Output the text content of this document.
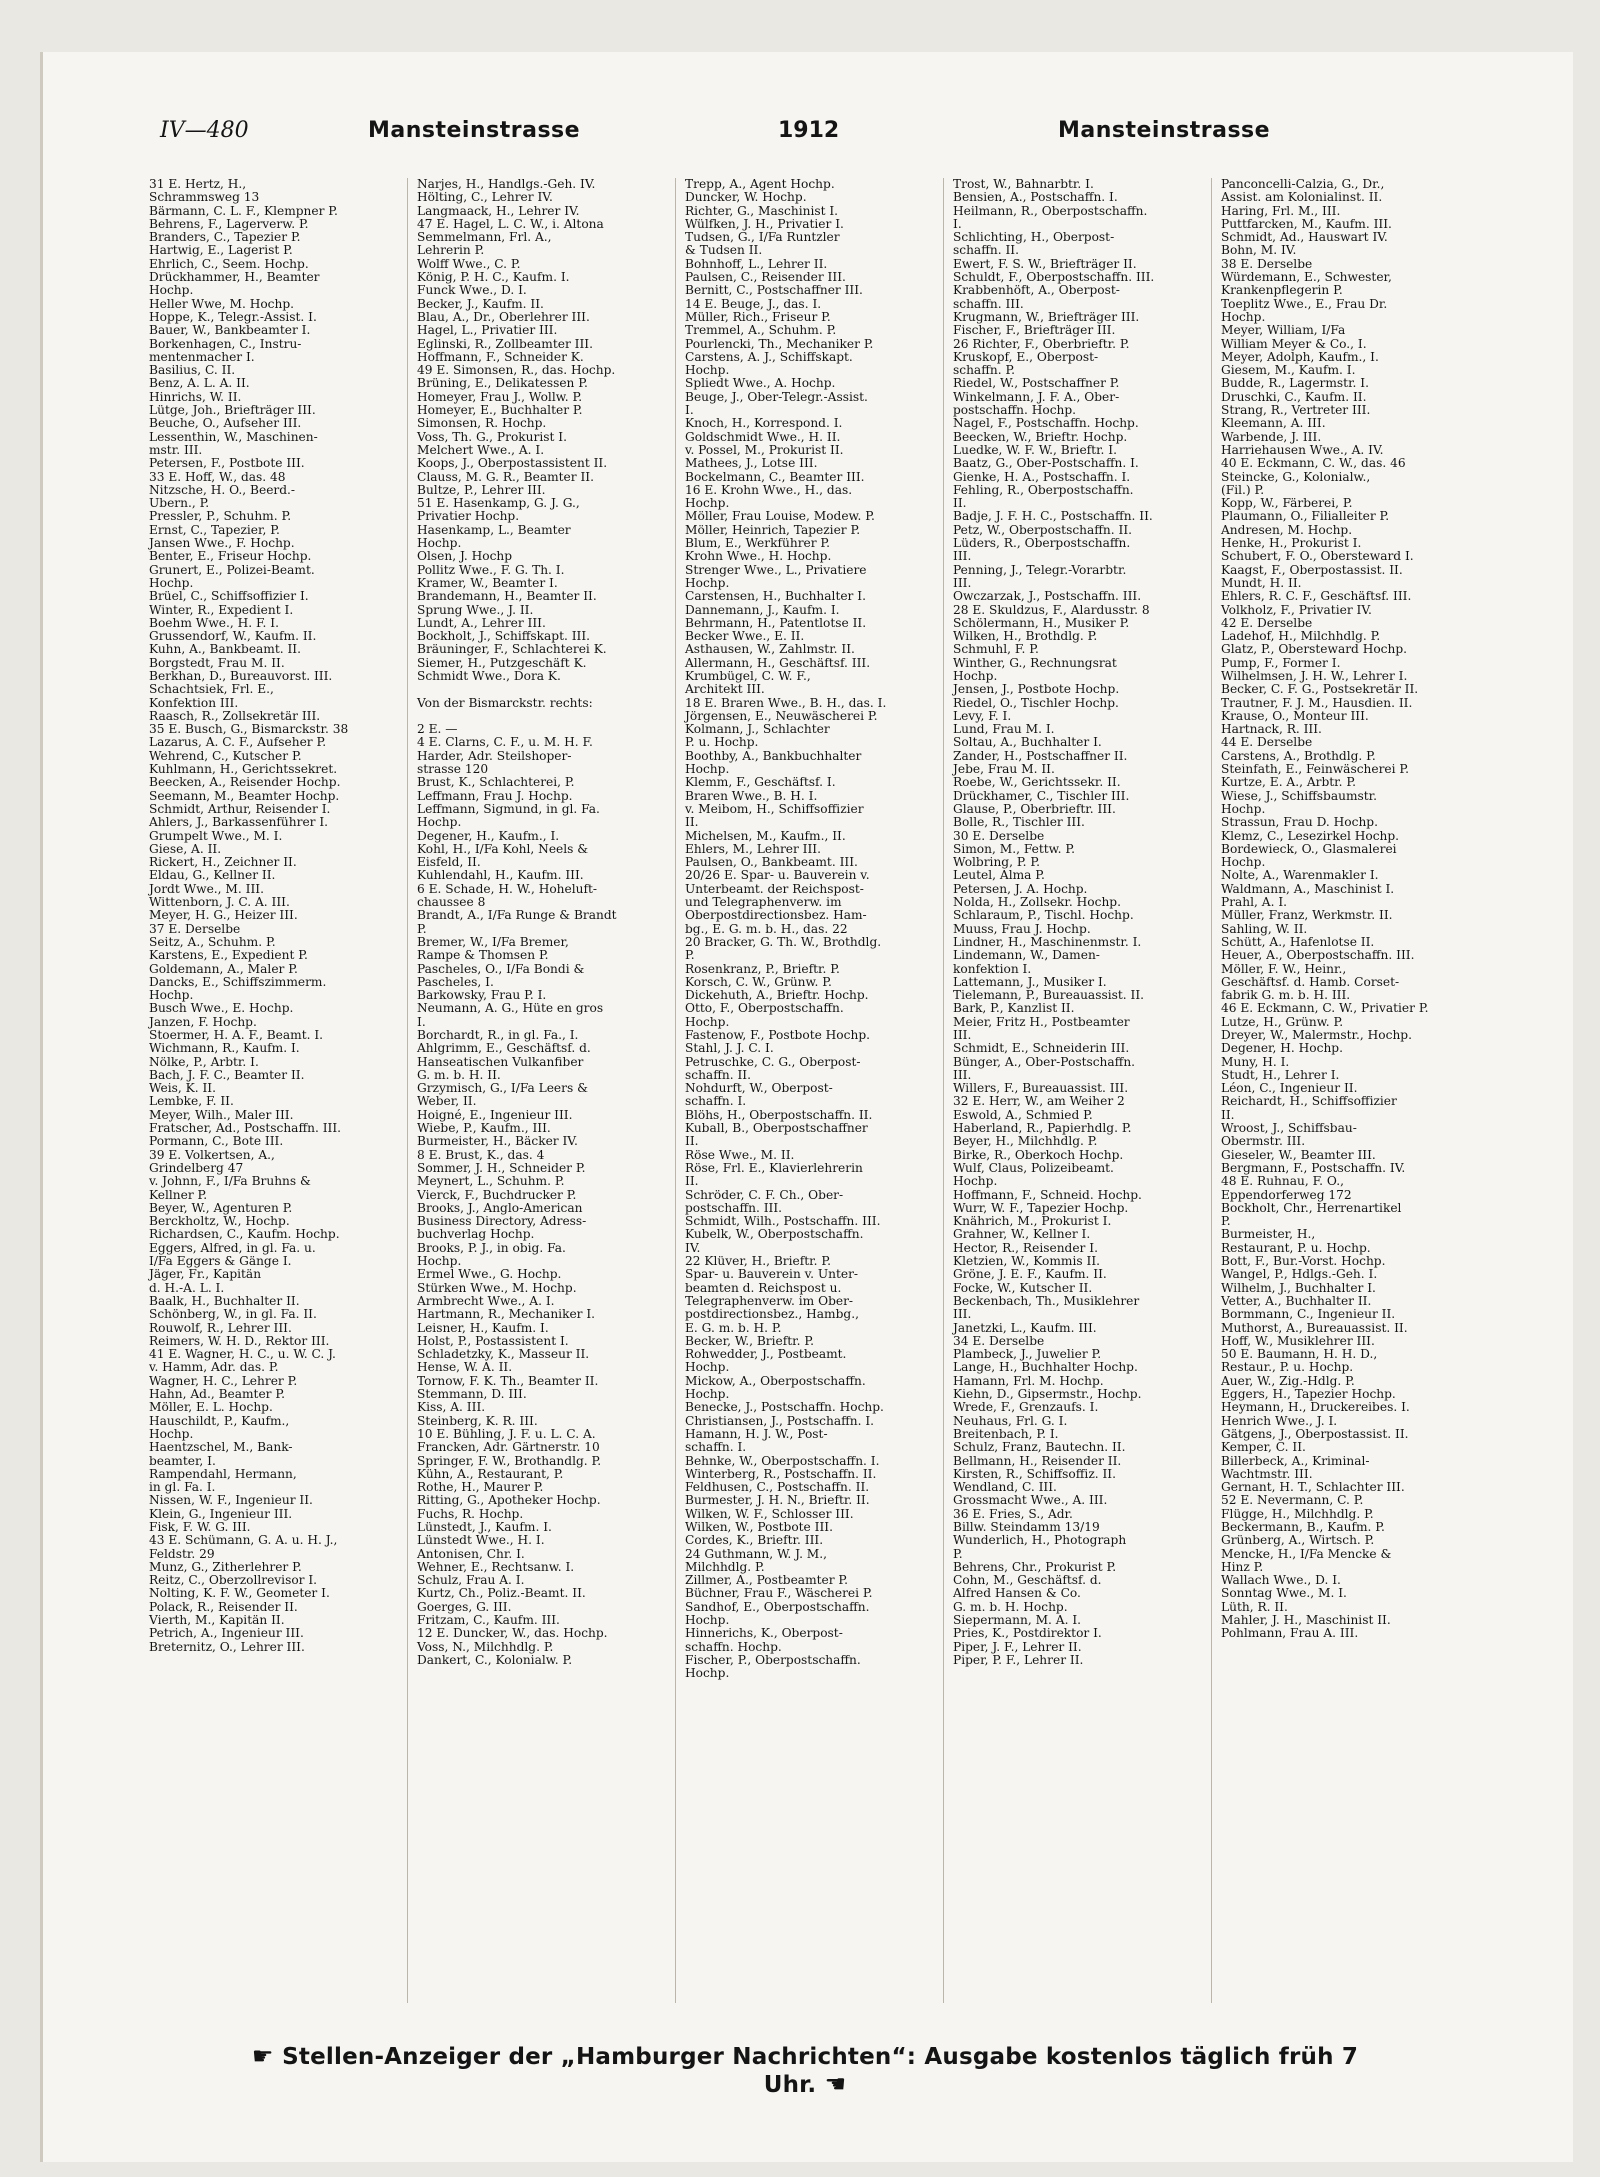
IV—480	Mansteinstrasse	1912	Mansteinstrasse
31 E. Hertz, H.,
Schrammsweg 13
Bärmann, C. L. F., Klempner P.
Behrens, F., Lagerverw. P.
Branders, C., Tapezier P.
Hartwig, E., Lagerist P.
Ehrlich, C., Seem. Hochp.
Drückhammer, H., Beamter
Hochp.
Heller Wwe, M. Hochp.
Hoppe, K., Telegr.-Assist. I.
Bauer, W., Bankbeamter I.
Borkenhagen, C., Instru-
mentenmacher I.
Basilius, C. II.
Benz, A. L. A. II.
Hinrichs, W. II.
Lütge, Joh., Briefträger III.
Beuche, O., Aufseher III.
Lessenthin, W., Maschinen-
mstr. III.
Petersen, F., Postbote III.
33 E. Hoff, W., das. 48
Nitzsche, H. O., Beerd.-
Ubern., P.
Pressler, P., Schuhm. P.
Ernst, C., Tapezier, P.
Jansen Wwe., F. Hochp.
Benter, E., Friseur Hochp.
Grunert, E., Polizei-Beamt.
Hochp.
Brüel, C., Schiffsoffizier I.
Winter, R., Expedient I.
Boehm Wwe., H. F. I.
Grussendorf, W., Kaufm. II.
Kuhn, A., Bankbeamt. II.
Borgstedt, Frau M. II.
Berkhan, D., Bureauvorst. III.
Schachtsiek, Frl. E.,
Konfektion III.
Raasch, R., Zollsekretär III.
35 E. Busch, G., Bismarckstr. 38
Lazarus, A. C. F., Aufseher P.
Wehrend, C., Kutscher P.
Kuhlmann, H., Gerichtssekret.
Beecken, A., Reisender Hochp.
Seemann, M., Beamter Hochp.
Schmidt, Arthur, Reisender I.
Ahlers, J., Barkassenführer I.
Grumpelt Wwe., M. I.
Giese, A. II.
Rickert, H., Zeichner II.
Eldau, G., Kellner II.
Jordt Wwe., M. III.
Wittenborn, J. C. A. III.
Meyer, H. G., Heizer III.
37 E. Derselbe
Seitz, A., Schuhm. P.
Karstens, E., Expedient P.
Goldemann, A., Maler P.
Dancks, E., Schiffszimmerm.
Hochp.
Busch Wwe., E. Hochp.
Janzen, F. Hochp.
Stoermer, H. A. F., Beamt. I.
Wichmann, R., Kaufm. I.
Nölke, P., Arbtr. I.
Bach, J. F. C., Beamter II.
Weis, K. II.
Lembke, F. II.
Meyer, Wilh., Maler III.
Fratscher, Ad., Postschaffn. III.
Pormann, C., Bote III.
39 E. Volkertsen, A.,
Grindelberg 47
v. Johnn, F., I/Fa Bruhns &
Kellner P.
Beyer, W., Agenturen P.
Berckholtz, W., Hochp.
Richardsen, C., Kaufm. Hochp.
Eggers, Alfred, in gl. Fa. u.
I/Fa Eggers & Gänge I.
Jäger, Fr., Kapitän
d. H.-A. L. I.
Baalk, H., Buchhalter II.
Schönberg, W., in gl. Fa. II.
Rouwolf, R., Lehrer III.
Reimers, W. H. D., Rektor III.
41 E. Wagner, H. C., u. W. C. J.
v. Hamm, Adr. das. P.
Wagner, H. C., Lehrer P.
Hahn, Ad., Beamter P.
Möller, E. L. Hochp.
Hauschildt, P., Kaufm.,
Hochp.
Haentzschel, M., Bank-
beamter, I.
Rampendahl, Hermann,
in gl. Fa. I.
Nissen, W. F., Ingenieur II.
Klein, G., Ingenieur III.
Fisk, F. W. G. III.
43 E. Schümann, G. A. u. H. J.,
Feldstr. 29
Munz, G., Zitherlehrer P.
Reitz, C., Oberzollrevisor I.
Nolting, K. F. W., Geometer I.
Polack, R., Reisender II.
Vierth, M., Kapitän II.
Petrich, A., Ingenieur III.
Breternitz, O., Lehrer III.
Narjes, H., Handlgs.-Geh. IV.
Hölting, C., Lehrer IV.
Langmaack, H., Lehrer IV.
47 E. Hagel, L. C. W., i. Altona
Semmelmann, Frl. A.,
Lehrerin P.
Wolff Wwe., C. P.
König, P. H. C., Kaufm. I.
Funck Wwe., D. I.
Becker, J., Kaufm. II.
Blau, A., Dr., Oberlehrer III.
Hagel, L., Privatier III.
Eglinski, R., Zollbeamter III.
Hoffmann, F., Schneider K.
49 E. Simonsen, R., das. Hochp.
Brüning, E., Delikatessen P.
Homeyer, Frau J., Wollw. P.
Homeyer, E., Buchhalter P.
Simonsen, R. Hochp.
Voss, Th. G., Prokurist I.
Melchert Wwe., A. I.
Koops, J., Oberpostassistent II.
Clauss, M. G. R., Beamter II.
Bultze, P., Lehrer III.
51 E. Hasenkamp, G. J. G.,
Privatier Hochp.
Hasenkamp, L., Beamter
Hochp.
Olsen, J. Hochp
Pollitz Wwe., F. G. Th. I.
Kramer, W., Beamter I.
Brandemann, H., Beamter II.
Sprung Wwe., J. II.
Lundt, A., Lehrer III.
Bockholt, J., Schiffskapt. III.
Bräuninger, F., Schlachterei K.
Siemer, H., Putzgeschäft K.
Schmidt Wwe., Dora K.

Von der Bismarckstr. rechts:

2 E. —
4 E. Clarns, C. F., u. M. H. F.
Harder, Adr. Steilshoper-
strasse 120
Brust, K., Schlachterei, P.
Leffmann, Frau J. Hochp.
Leffmann, Sigmund, in gl. Fa.
Hochp.
Degener, H., Kaufm., I.
Kohl, H., I/Fa Kohl, Neels &
Eisfeld, II.
Kuhlendahl, H., Kaufm. III.
6 E. Schade, H. W., Hoheluft-
chaussee 8
Brandt, A., I/Fa Runge & Brandt
P.
Bremer, W., I/Fa Bremer,
Rampe & Thomsen P.
Pascheles, O., I/Fa Bondi &
Pascheles, I.
Barkowsky, Frau P. I.
Neumann, A. G., Hüte en gros
I.
Borchardt, R., in gl. Fa., I.
Ahlgrimm, E., Geschäftsf. d.
Hanseatischen Vulkanfiber
G. m. b. H. II.
Grzymisch, G., I/Fa Leers &
Weber, II.
Hoigné, E., Ingenieur III.
Wiebe, P., Kaufm., III.
Burmeister, H., Bäcker IV.
8 E. Brust, K., das. 4
Sommer, J. H., Schneider P.
Meynert, L., Schuhm. P.
Vierck, F., Buchdrucker P.
Brooks, J., Anglo-American
Business Directory, Adress-
buchverlag Hochp.
Brooks, P. J., in obig. Fa.
Hochp.
Ermel Wwe., G. Hochp.
Stürken Wwe., M. Hochp.
Armbrecht Wwe., A. I.
Hartmann, R., Mechaniker I.
Leisner, H., Kaufm. I.
Holst, P., Postassistent I.
Schladetzky, K., Masseur II.
Hense, W. A. II.
Tornow, F. K. Th., Beamter II.
Stemmann, D. III.
Kiss, A. III.
Steinberg, K. R. III.
10 E. Bühling, J. F. u. L. C. A.
Francken, Adr. Gärtnerstr. 10
Springer, F. W., Brothandlg. P.
Kühn, A., Restaurant, P.
Rothe, H., Maurer P.
Ritting, G., Apotheker Hochp.
Fuchs, R. Hochp.
Lünstedt, J., Kaufm. I.
Lünstedt Wwe., H. I.
Antonisen, Chr. I.
Wehner, E., Rechtsanw. I.
Schulz, Frau A. I.
Kurtz, Ch., Poliz.-Beamt. II.
Goerges, G. III.
Fritzam, C., Kaufm. III.
12 E. Duncker, W., das. Hochp.
Voss, N., Milchhdlg. P.
Dankert, C., Kolonialw. P.
Trepp, A., Agent Hochp.
Duncker, W. Hochp.
Richter, G., Maschinist I.
Wülfken, J. H., Privatier I.
Tudsen, G., I/Fa Runtzler
& Tudsen II.
Bohnhoff, L., Lehrer II.
Paulsen, C., Reisender III.
Bernitt, C., Postschaffner III.
14 E. Beuge, J., das. I.
Müller, Rich., Friseur P.
Tremmel, A., Schuhm. P.
Pourlencki, Th., Mechaniker P.
Carstens, A. J., Schiffskapt.
Hochp.
Spliedt Wwe., A. Hochp.
Beuge, J., Ober-Telegr.-Assist.
I.
Knoch, H., Korrespond. I.
Goldschmidt Wwe., H. II.
v. Possel, M., Prokurist II.
Mathees, J., Lotse III.
Bockelmann, C., Beamter III.
16 E. Krohn Wwe., H., das.
Hochp.
Möller, Frau Louise, Modew. P.
Möller, Heinrich, Tapezier P.
Blum, E., Werkführer P.
Krohn Wwe., H. Hochp.
Strenger Wwe., L., Privatiere
Hochp.
Carstensen, H., Buchhalter I.
Dannemann, J., Kaufm. I.
Behrmann, H., Patentlotse II.
Becker Wwe., E. II.
Asthausen, W., Zahlmstr. II.
Allermann, H., Geschäftsf. III.
Krumbügel, C. W. F.,
Architekt III.
18 E. Braren Wwe., B. H., das. I.
Jörgensen, E., Neuwäscherei P.
Kolmann, J., Schlachter
P. u. Hochp.
Boothby, A., Bankbuchhalter
Hochp.
Klemm, F., Geschäftsf. I.
Braren Wwe., B. H. I.
v. Meibom, H., Schiffsoffizier
II.
Michelsen, M., Kaufm., II.
Ehlers, M., Lehrer III.
Paulsen, O., Bankbeamt. III.
20/26 E. Spar- u. Bauverein v.
Unterbeamt. der Reichspost-
und Telegraphenverw. im
Oberpostdirectionsbez. Ham-
bg., E. G. m. b. H., das. 22
20 Bracker, G. Th. W., Brothdlg.
P.
Rosenkranz, P., Brieftr. P.
Korsch, C. W., Grünw. P.
Dickehuth, A., Brieftr. Hochp.
Otto, F., Oberpostschaffn.
Hochp.
Fastenow, F., Postbote Hochp.
Stahl, J. J. C. I.
Petruschke, C. G., Oberpost-
schaffn. II.
Nohdurft, W., Oberpost-
schaffn. I.
Blöhs, H., Oberpostschaffn. II.
Kuball, B., Oberpostschaffner
II.
Röse Wwe., M. II.
Röse, Frl. E., Klavierlehrerin
II.
Schröder, C. F. Ch., Ober-
postschaffn. III.
Schmidt, Wilh., Postschaffn. III.
Kubelk, W., Oberpostschaffn.
IV.
22 Klüver, H., Brieftr. P.
Spar- u. Bauverein v. Unter-
beamten d. Reichspost u.
Telegraphenverw. im Ober-
postdirectionsbez., Hambg.,
E. G. m. b. H. P.
Becker, W., Brieftr. P.
Rohwedder, J., Postbeamt.
Hochp.
Mickow, A., Oberpostschaffn.
Hochp.
Benecke, J., Postschaffn. Hochp.
Christiansen, J., Postschaffn. I.
Hamann, H. J. W., Post-
schaffn. I.
Behnke, W., Oberpostschaffn. I.
Winterberg, R., Postschaffn. II.
Feldhusen, C., Postschaffn. II.
Burmester, J. H. N., Brieftr. II.
Wilken, W. F., Schlosser III.
Wilken, W., Postbote III.
Cordes, K., Brieftr. III.
24 Guthmann, W. J. M.,
Milchhdlg. P.
Zillmer, A., Postbeamter P.
Büchner, Frau F., Wäscherei P.
Sandhof, E., Oberpostschaffn.
Hochp.
Hinnerichs, K., Oberpost-
schaffn. Hochp.
Fischer, P., Oberpostschaffn.
Hochp.
Trost, W., Bahnarbtr. I.
Bensien, A., Postschaffn. I.
Heilmann, R., Oberpostschaffn.
I.
Schlichting, H., Oberpost-
schaffn. II.
Ewert, F. S. W., Briefträger II.
Schuldt, F., Oberpostschaffn. III.
Krabbenhöft, A., Oberpost-
schaffn. III.
Krugmann, W., Briefträger III.
Fischer, F., Briefträger III.
26 Richter, F., Oberbrieftr. P.
Kruskopf, E., Oberpost-
schaffn. P.
Riedel, W., Postschaffner P.
Winkelmann, J. F. A., Ober-
postschaffn. Hochp.
Nagel, F., Postschaffn. Hochp.
Beecken, W., Brieftr. Hochp.
Luedke, W. F. W., Brieftr. I.
Baatz, G., Ober-Postschaffn. I.
Gienke, H. A., Postschaffn. I.
Fehling, R., Oberpostschaffn.
II.
Badje, J. F. H. C., Postschaffn. II.
Petz, W., Oberpostschaffn. II.
Lüders, R., Oberpostschaffn.
III.
Penning, J., Telegr.-Vorarbtr.
III.
Owczarzak, J., Postschaffn. III.
28 E. Skuldzus, F., Alardusstr. 8
Schölermann, H., Musiker P.
Wilken, H., Brothdlg. P.
Schmuhl, F. P.
Winther, G., Rechnungsrat
Hochp.
Jensen, J., Postbote Hochp.
Riedel, O., Tischler Hochp.
Levy, F. I.
Lund, Frau M. I.
Soltau, A., Buchhalter I.
Zander, H., Postschaffner II.
Jebe, Frau M. II.
Roebe, W., Gerichtssekr. II.
Drückhamer, C., Tischler III.
Glause, P., Oberbrieftr. III.
Bolle, R., Tischler III.
30 E. Derselbe
Simon, M., Fettw. P.
Wolbring, P. P.
Leutel, Alma P.
Petersen, J. A. Hochp.
Nolda, H., Zollsekr. Hochp.
Schlaraum, P., Tischl. Hochp.
Muuss, Frau J. Hochp.
Lindner, H., Maschinenmstr. I.
Lindemann, W., Damen-
konfektion I.
Lattemann, J., Musiker I.
Tielemann, P., Bureauassist. II.
Bark, P., Kanzlist II.
Meier, Fritz H., Postbeamter
III.
Schmidt, E., Schneiderin III.
Bünger, A., Ober-Postschaffn.
III.
Willers, F., Bureauassist. III.
32 E. Herr, W., am Weiher 2
Eswold, A., Schmied P.
Haberland, R., Papierhdlg. P.
Beyer, H., Milchhdlg. P.
Birke, R., Oberkoch Hochp.
Wulf, Claus, Polizeibeamt.
Hochp.
Hoffmann, F., Schneid. Hochp.
Wurr, W. F., Tapezier Hochp.
Knährich, M., Prokurist I.
Grahner, W., Kellner I.
Hector, R., Reisender I.
Kletzien, W., Kommis II.
Gröne, J. E. F., Kaufm. II.
Focke, W., Kutscher II.
Beckenbach, Th., Musiklehrer
III.
Janetzki, L., Kaufm. III.
34 E. Derselbe
Plambeck, J., Juwelier P.
Lange, H., Buchhalter Hochp.
Hamann, Frl. M. Hochp.
Kiehn, D., Gipsermstr., Hochp.
Wrede, F., Grenzaufs. I.
Neuhaus, Frl. G. I.
Breitenbach, P. I.
Schulz, Franz, Bautechn. II.
Bellmann, H., Reisender II.
Kirsten, R., Schiffsoffiz. II.
Wendland, C. III.
Grossmacht Wwe., A. III.
36 E. Fries, S., Adr.
Billw. Steindamm 13/19
Wunderlich, H., Photograph
P.
Behrens, Chr., Prokurist P.
Cohn, M., Geschäftsf. d.
Alfred Hansen & Co.
G. m. b. H. Hochp.
Siepermann, M. A. I.
Pries, K., Postdirektor I.
Piper, J. F., Lehrer II.
Piper, P. F., Lehrer II.
Panconcelli-Calzia, G., Dr.,
Assist. am Kolonialinst. II.
Haring, Frl. M., III.
Puttfarcken, M., Kaufm. III.
Schmidt, Ad., Hauswart IV.
Bohn, M. IV.
38 E. Derselbe
Würdemann, E., Schwester,
Krankenpflegerin P.
Toeplitz Wwe., E., Frau Dr.
Hochp.
Meyer, William, I/Fa
William Meyer & Co., I.
Meyer, Adolph, Kaufm., I.
Giesem, M., Kaufm. I.
Budde, R., Lagermstr. I.
Druschki, C., Kaufm. II.
Strang, R., Vertreter III.
Kleemann, A. III.
Warbende, J. III.
Harriehausen Wwe., A. IV.
40 E. Eckmann, C. W., das. 46
Steincke, G., Kolonialw.,
(Fil.) P.
Kopp, W., Färberei, P.
Plaumann, O., Filialleiter P.
Andresen, M. Hochp.
Henke, H., Prokurist I.
Schubert, F. O., Obersteward I.
Kaagst, F., Oberpostassist. II.
Mundt, H. II.
Ehlers, R. C. F., Geschäftsf. III.
Volkholz, F., Privatier IV.
42 E. Derselbe
Ladehof, H., Milchhdlg. P.
Glatz, P., Obersteward Hochp.
Pump, F., Former I.
Wilhelmsen, J. H. W., Lehrer I.
Becker, C. F. G., Postsekretär II.
Trautner, F. J. M., Hausdien. II.
Krause, O., Monteur III.
Hartnack, R. III.
44 E. Derselbe
Carstens, A., Brothdlg. P.
Steinfath, E., Feinwäscherei P.
Kurtze, E. A., Arbtr. P.
Wiese, J., Schiffsbaumstr.
Hochp.
Strassun, Frau D. Hochp.
Klemz, C., Lesezirkel Hochp.
Bordewieck, O., Glasmalerei
Hochp.
Nolte, A., Warenmakler I.
Waldmann, A., Maschinist I.
Prahl, A. I.
Müller, Franz, Werkmstr. II.
Sahling, W. II.
Schütt, A., Hafenlotse II.
Heuer, A., Oberpostschaffn. III.
Möller, F. W., Heinr.,
Geschäftsf. d. Hamb. Corset-
fabrik G. m. b. H. III.
46 E. Eckmann, C. W., Privatier P.
Lutze, H., Grünw. P.
Dreyer, W., Malermstr., Hochp.
Degener, H. Hochp.
Muny, H. I.
Studt, H., Lehrer I.
Léon, C., Ingenieur II.
Reichardt, H., Schiffsoffizier
II.
Wroost, J., Schiffsbau-
Obermstr. III.
Gieseler, W., Beamter III.
Bergmann, F., Postschaffn. IV.
48 E. Ruhnau, F. O.,
Eppendorferweg 172
Bockholt, Chr., Herrenartikel
P.
Burmeister, H.,
Restaurant, P. u. Hochp.
Bott, F., Bur.-Vorst. Hochp.
Wangel, P., Hdlgs.-Geh. I.
Wilhelm, J., Buchhalter I.
Vetter, A., Buchhalter II.
Bormmann, C., Ingenieur II.
Muthorst, A., Bureauassist. II.
Hoff, W., Musiklehrer III.
50 E. Baumann, H. H. D.,
Restaur., P. u. Hochp.
Auer, W., Zig.-Hdlg. P.
Eggers, H., Tapezier Hochp.
Heymann, H., Druckereibes. I.
Henrich Wwe., J. I.
Gätgens, J., Oberpostassist. II.
Kemper, C. II.
Billerbeck, A., Kriminal-
Wachtmstr. III.
Gernant, H. T., Schlachter III.
52 E. Nevermann, C. P.
Flügge, H., Milchhdlg. P.
Beckermann, B., Kaufm. P.
Grünberg, A., Wirtsch. P.
Mencke, H., I/Fa Mencke &
Hinz P.
Wallach Wwe., D. I.
Sonntag Wwe., M. I.
Lüth, R. II.
Mahler, J. H., Maschinist II.
Pohlmann, Frau A. III.
☛ Stellen-Anzeiger der „Hamburger Nachrichten“: Ausgabe kostenlos täglich früh 7 Uhr. ☚
